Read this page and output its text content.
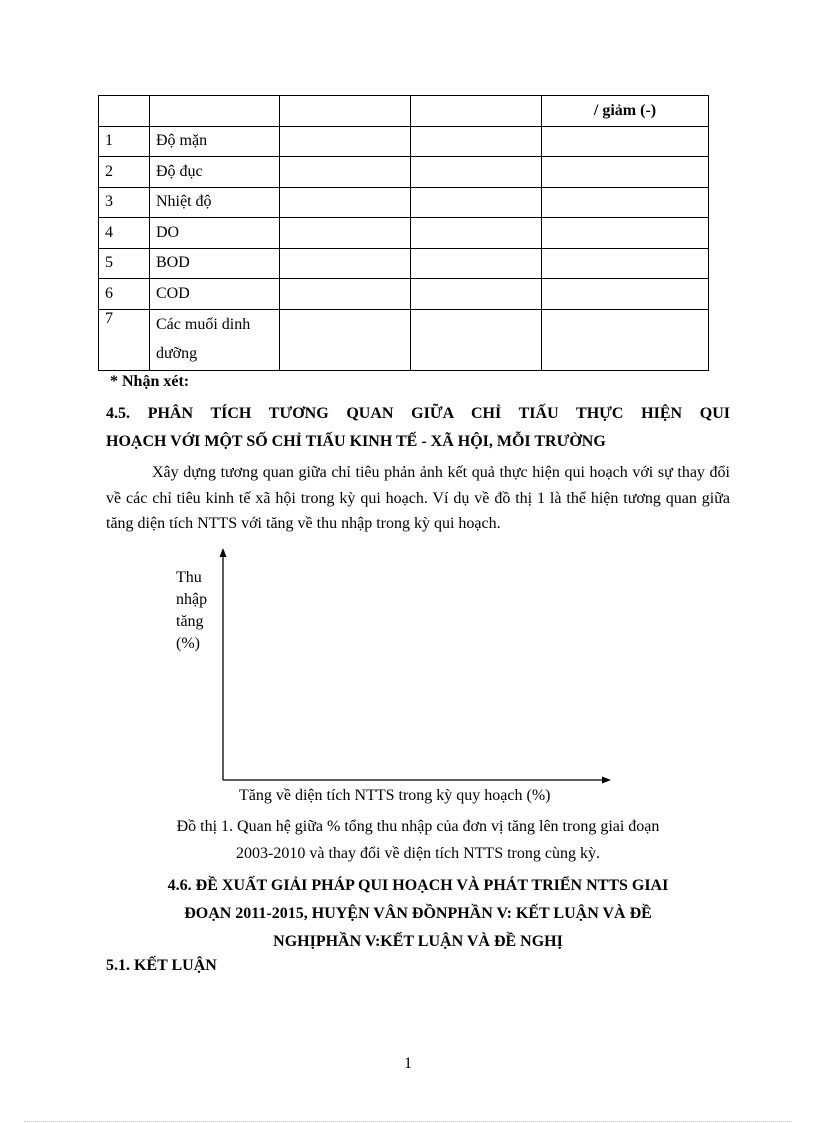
				/ giảm (-)
1	Độ mặn			
2	Độ đục			
3	Nhiệt độ			
4	DO			
5	BOD			
6	COD			
7	Các muối dinh
dưỡng			
* Nhận xét:
4.5. PHÂN TÍCH TƯƠNG QUAN GIỮA CHỈ TIẤU THỰC HIỆN QUI
HOẠCH VỚI MỘT SỐ CHỈ TIẤU KINH TẾ - XÃ HỘI, MỖI TRƯỜNG
Xây dựng tương quan giữa chỉ tiêu phản ảnh kết quả thực hiện qui hoạch với sự thay đổi về các chỉ tiêu kinh tế xã hội trong kỳ qui hoạch. Ví dụ về đồ thị 1 là thể hiện tương quan giữa tăng diện tích NTTS với tăng về thu nhập trong kỳ qui hoạch.
Thu
nhập
tăng
(%)
Tăng về diện tích NTTS trong kỳ quy hoạch (%)
Đồ thị 1. Quan hệ giữa % tổng thu nhập của đơn vị tăng lên trong giai đoạn
2003-2010 và thay đổi về diện tích NTTS trong cùng kỳ.
4.6. ĐỀ XUẤT GIẢI PHÁP QUI HOẠCH VÀ PHÁT TRIỂN NTTS GIAI
ĐOẠN 2011-2015, HUYỆN VÂN ĐỒNPHẦN V: KẾT LUẬN VÀ ĐỀ
NGHỊPHẦN V:KẾT LUẬN VÀ ĐỀ NGHỊ
5.1. KẾT LUẬN
1
